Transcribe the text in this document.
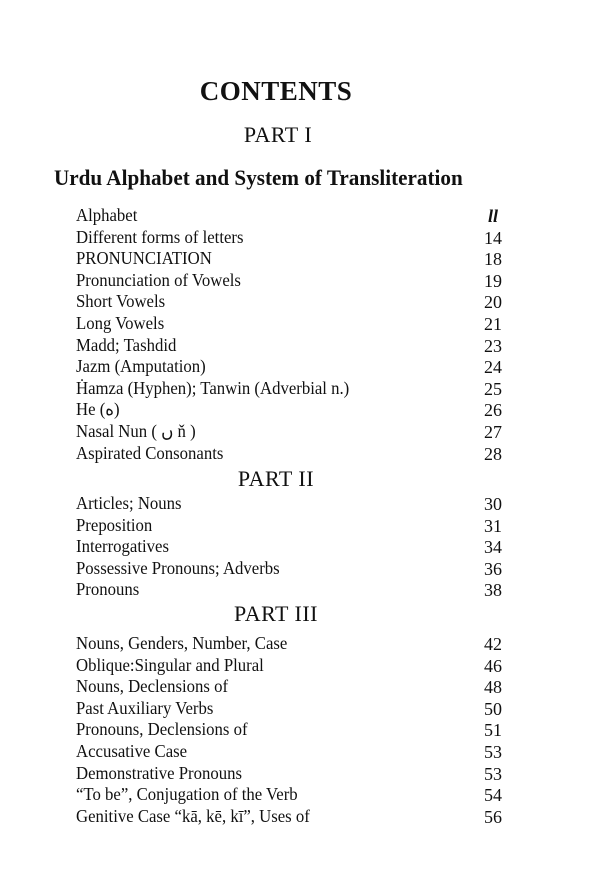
CONTENTS
PART I
Urdu Alphabet and System of Transliteration
Alphabet	ll
Different forms of letters	14
PRONUNCIATION	18
Pronunciation of Vowels	19
Short Vowels	20
Long Vowels	21
Madd; Tashdid	23
Jazm (Amputation)	24
Ḣamza (Hyphen); Tanwin (Adverbial n.)	25
He (ه)	26
Nasal Nun ( ں ň )	27
Aspirated Consonants	28
PART II
Articles; Nouns	30
Preposition	31
Interrogatives	34
Possessive Pronouns; Adverbs	36
Pronouns	38
PART III
Nouns, Genders, Number, Case	42
Oblique:Singular and Plural	46
Nouns, Declensions of	48
Past Auxiliary Verbs	50
Pronouns, Declensions of	51
Accusative Case	53
Demonstrative Pronouns	53
“To be”, Conjugation of the Verb	54
Genitive Case “kā, kē, kī”, Uses of	56
